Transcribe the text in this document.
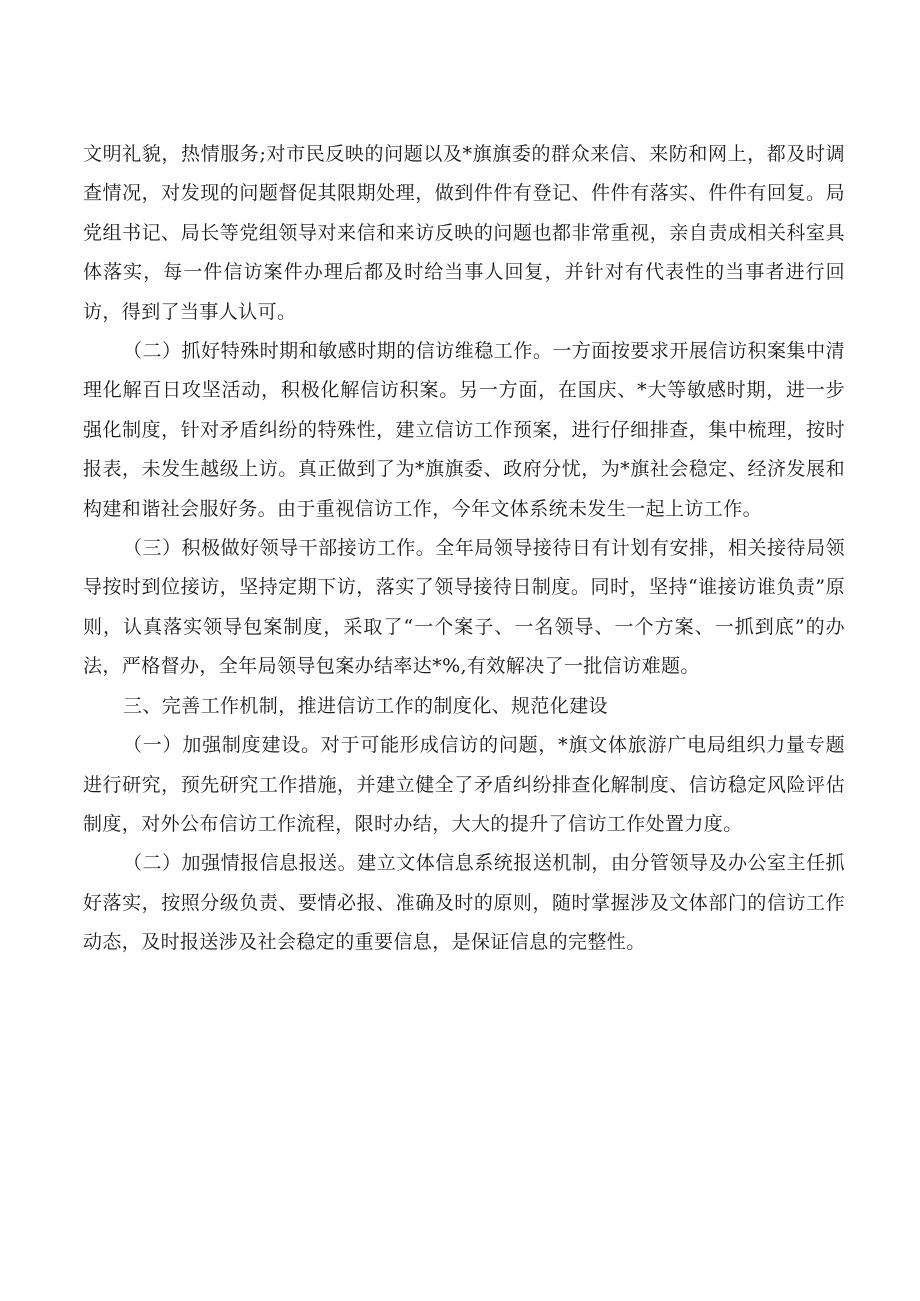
文明礼貌，热情服务;对市民反映的问题以及*旗旗委的群众来信、来防和网上，都及时调查情况，对发现的问题督促其限期处理，做到件件有登记、件件有落实、件件有回复。局党组书记、局长等党组领导对来信和来访反映的问题也都非常重视，亲自责成相关科室具体落实，每一件信访案件办理后都及时给当事人回复，并针对有代表性的当事者进行回访，得到了当事人认可。

（二）抓好特殊时期和敏感时期的信访维稳工作。一方面按要求开展信访积案集中清理化解百日攻坚活动，积极化解信访积案。另一方面，在国庆、*大等敏感时期，进一步强化制度，针对矛盾纠纷的特殊性，建立信访工作预案，进行仔细排查，集中梳理，按时报表，未发生越级上访。真正做到了为*旗旗委、政府分忧，为*旗社会稳定、经济发展和构建和谐社会服好务。由于重视信访工作，今年文体系统未发生一起上访工作。

（三）积极做好领导干部接访工作。全年局领导接待日有计划有安排，相关接待局领导按时到位接访，坚持定期下访，落实了领导接待日制度。同时，坚持“谁接访谁负责”原则，认真落实领导包案制度，采取了“一个案子、一名领导、一个方案、一抓到底”的办法，严格督办，全年局领导包案办结率达*%,有效解决了一批信访难题。

三、完善工作机制，推进信访工作的制度化、规范化建设

（一）加强制度建设。对于可能形成信访的问题，*旗文体旅游广电局组织力量专题进行研究，预先研究工作措施，并建立健全了矛盾纠纷排查化解制度、信访稳定风险评估制度，对外公布信访工作流程，限时办结，大大的提升了信访工作处置力度。

（二）加强情报信息报送。建立文体信息系统报送机制，由分管领导及办公室主任抓好落实，按照分级负责、要情必报、准确及时的原则，随时掌握涉及文体部门的信访工作动态，及时报送涉及社会稳定的重要信息，是保证信息的完整性。
